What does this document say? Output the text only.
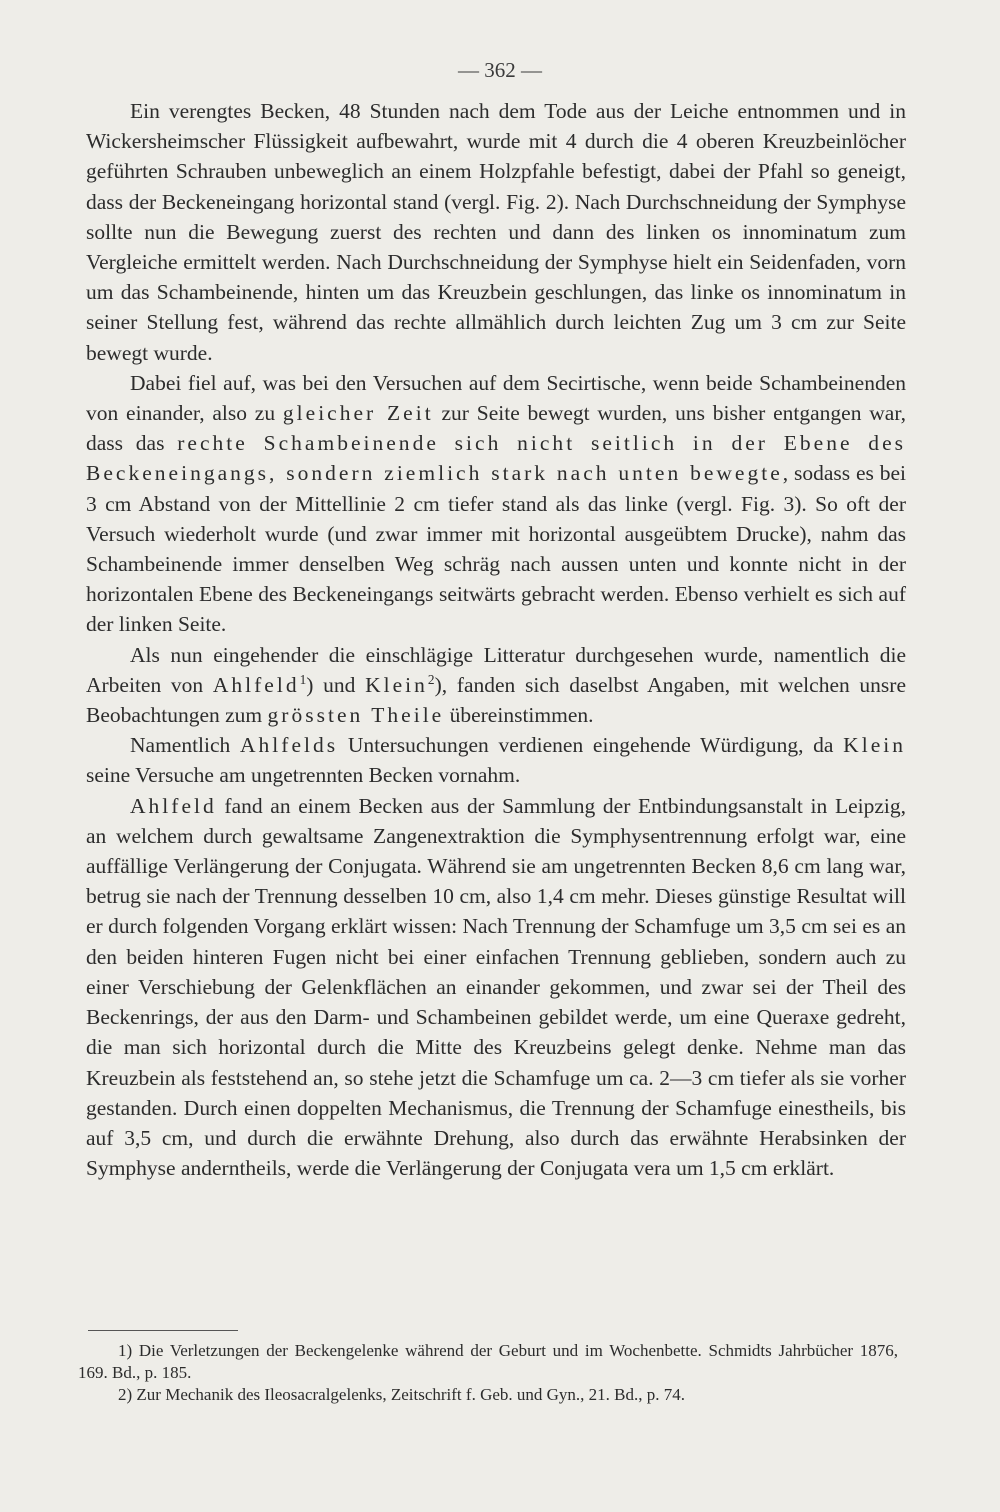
— 362 —

Ein verengtes Becken, 48 Stunden nach dem Tode aus der Leiche entnommen und in Wickersheimscher Flüssigkeit aufbewahrt, wurde mit 4 durch die 4 oberen Kreuzbeinlöcher geführten Schrauben unbeweglich an einem Holzpfahle befestigt, dabei der Pfahl so geneigt, dass der Beckeneingang horizontal stand (vergl. Fig. 2). Nach Durchschneidung der Symphyse sollte nun die Bewegung zuerst des rechten und dann des linken os innominatum zum Vergleiche ermittelt werden. Nach Durchschneidung der Symphyse hielt ein Seidenfaden, vorn um das Schambeinende, hinten um das Kreuzbein geschlungen, das linke os innominatum in seiner Stellung fest, während das rechte allmählich durch leichten Zug um 3 cm zur Seite bewegt wurde.

Dabei fiel auf, was bei den Versuchen auf dem Secirtische, wenn beide Schambeinenden von einander, also zu gleicher Zeit zur Seite bewegt wurden, uns bisher entgangen war, dass das rechte Schambeinende sich nicht seitlich in der Ebene des Beckeneingangs, sondern ziemlich stark nach unten bewegte, sodass es bei 3 cm Abstand von der Mittellinie 2 cm tiefer stand als das linke (vergl. Fig. 3). So oft der Versuch wiederholt wurde (und zwar immer mit horizontal ausgeübtem Drucke), nahm das Schambeinende immer denselben Weg schräg nach aussen unten und konnte nicht in der horizontalen Ebene des Beckeneingangs seitwärts gebracht werden. Ebenso verhielt es sich auf der linken Seite.

Als nun eingehender die einschlägige Litteratur durchgesehen wurde, namentlich die Arbeiten von Ahlfeld$^1$) und Klein$^2$), fanden sich daselbst Angaben, mit welchen unsre Beobachtungen zum grössten Theile übereinstimmen.

Namentlich Ahlfelds Untersuchungen verdienen eingehende Würdigung, da Klein seine Versuche am ungetrennten Becken vornahm.

Ahlfeld fand an einem Becken aus der Sammlung der Entbindungsanstalt in Leipzig, an welchem durch gewaltsame Zangenextraktion die Symphysentrennung erfolgt war, eine auffällige Verlängerung der Conjugata. Während sie am ungetrennten Becken 8,6 cm lang war, betrug sie nach der Trennung desselben 10 cm, also 1,4 cm mehr. Dieses günstige Resultat will er durch folgenden Vorgang erklärt wissen: Nach Trennung der Schamfuge um 3,5 cm sei es an den beiden hinteren Fugen nicht bei einer einfachen Trennung geblieben, sondern auch zu einer Verschiebung der Gelenkflächen an einander gekommen, und zwar sei der Theil des Beckenrings, der aus den Darm- und Schambeinen gebildet werde, um eine Queraxe gedreht, die man sich horizontal durch die Mitte des Kreuzbeins gelegt denke. Nehme man das Kreuzbein als feststehend an, so stehe jetzt die Schamfuge um ca. 2—3 cm tiefer als sie vorher gestanden. Durch einen doppelten Mechanismus, die Trennung der Schamfuge einestheils, bis auf 3,5 cm, und durch die erwähnte Drehung, also durch das erwähnte Herabsinken der Symphyse anderntheils, werde die Verlängerung der Conjugata vera um 1,5 cm erklärt.

1) Die Verletzungen der Beckengelenke während der Geburt und im Wochenbette. Schmidts Jahrbücher 1876, 169. Bd., p. 185.

2) Zur Mechanik des Ileosacralgelenks, Zeitschrift f. Geb. und Gyn., 21. Bd., p. 74.
